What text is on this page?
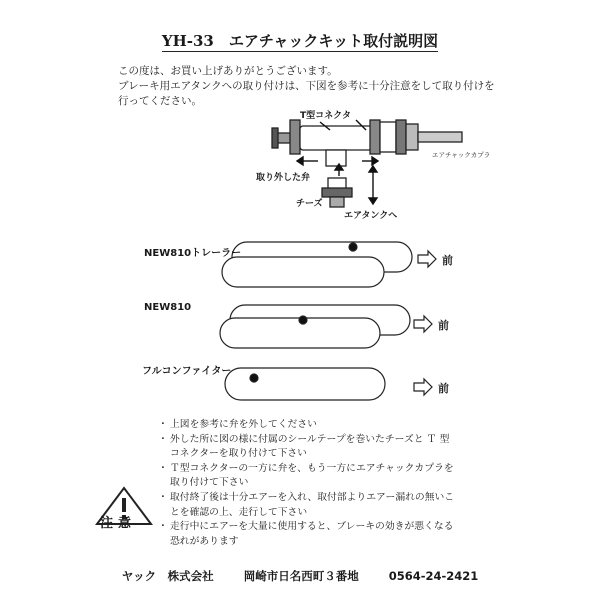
YH-33　エアチャックキット取付説明図
この度は、お買い上げありがとうございます。
ブレーキ用エアタンクへの取り付けは、下図を参考に十分注意をして取り付けを
行ってください。
T型コネクタ
エアチャックカプラ
取り外した弁
チーズ
エアタンクへ
NEW810トレーラー
前
NEW810
前
フルコンファイター
前
・ 上図を参考に弁を外してください
・ 外した所に図の様に付属のシールテープを巻いたチーズと Ｔ 型
コネクターを取り付けて下さい
・ Ｔ型コネクターの一方に弁を、もう一方にエアチャックカプラを
取り付けて下さい
・ 取付終了後は十分エアーを入れ、取付部よりエアー漏れの無いこ
とを確認の上、走行して下さい
・ 走行中にエアーを大量に使用すると、ブレーキの効きが悪くなる
恐れがあります
注意
ヤック　株式会社	岡崎市日名西町３番地	0564-24-2421
